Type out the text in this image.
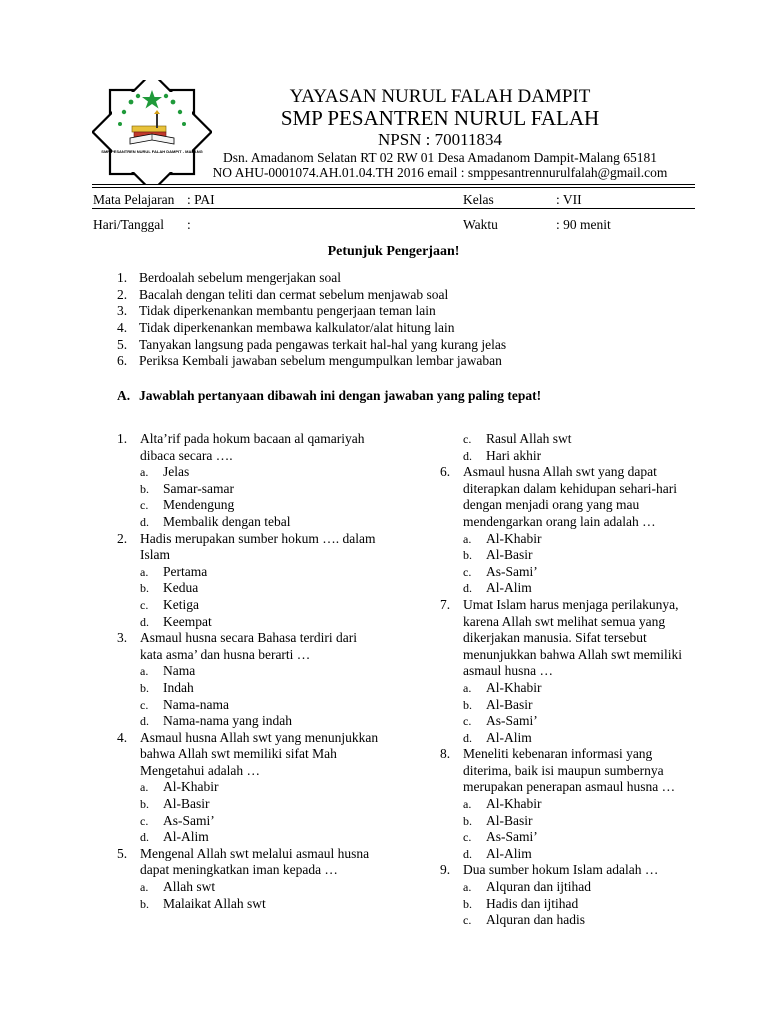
SMP PESANTREN NURUL FALAH DAMPIT - MALANG
YAYASAN NURUL FALAH DAMPIT
SMP PESANTREN NURUL FALAH
NPSN : 70011834
Dsn. Amadanom Selatan RT 02 RW 01 Desa Amadanom Dampit-Malang 65181
NO AHU-0001074.AH.01.04.TH 2016 email : smppesantrennurulfalah@gmail.com
Mata Pelajaran : PAI	Kelas	: VII
Hari/Tanggal :	Waktu	: 90 menit
Petunjuk Pengerjaan!
1. Berdoalah sebelum mengerjakan soal
2. Bacalah dengan teliti dan cermat sebelum menjawab soal
3. Tidak diperkenankan membantu pengerjaan teman lain
4. Tidak diperkenankan membawa kalkulator/alat hitung lain
5. Tanyakan langsung pada pengawas terkait hal-hal yang kurang jelas
6. Periksa Kembali jawaban sebelum mengumpulkan lembar jawaban
A. Jawablah pertanyaan dibawah ini dengan jawaban yang paling tepat!
1. Alta’rif pada hokum bacaan al qamariyah dibaca secara ….
a.	Jelas
b.	Samar-samar
c.	Mendengung
d.	Membalik dengan tebal
2. Hadis merupakan sumber hokum …. dalam Islam
a.	Pertama
b.	Kedua
c.	Ketiga
d.	Keempat
3. Asmaul husna secara Bahasa terdiri dari kata asma’ dan husna berarti …
a.	Nama
b.	Indah
c.	Nama-nama
d.	Nama-nama yang indah
4. Asmaul husna Allah swt yang menunjukkan bahwa Allah swt memiliki sifat Mah Mengetahui adalah …
a.	Al-Khabir
b.	Al-Basir
c.	As-Sami’
d.	Al-Alim
5. Mengenal Allah swt melalui asmaul husna dapat meningkatkan iman kepada …
a.	Allah swt
b.	Malaikat Allah swt
c.	Rasul Allah swt
d.	Hari akhir
6. Asmaul husna Allah swt yang dapat diterapkan dalam kehidupan sehari-hari dengan menjadi orang yang mau mendengarkan orang lain adalah …
a.	Al-Khabir
b.	Al-Basir
c.	As-Sami’
d.	Al-Alim
7. Umat Islam harus menjaga perilakunya, karena Allah swt melihat semua yang dikerjakan manusia. Sifat tersebut menunjukkan bahwa Allah swt memiliki asmaul husna …
a.	Al-Khabir
b.	Al-Basir
c.	As-Sami’
d.	Al-Alim
8. Meneliti kebenaran informasi yang diterima, baik isi maupun sumbernya merupakan penerapan asmaul husna …
a.	Al-Khabir
b.	Al-Basir
c.	As-Sami’
d.	Al-Alim
9. Dua sumber hokum Islam adalah …
a.	Alquran dan ijtihad
b.	Hadis dan ijtihad
c.	Alquran dan hadis
